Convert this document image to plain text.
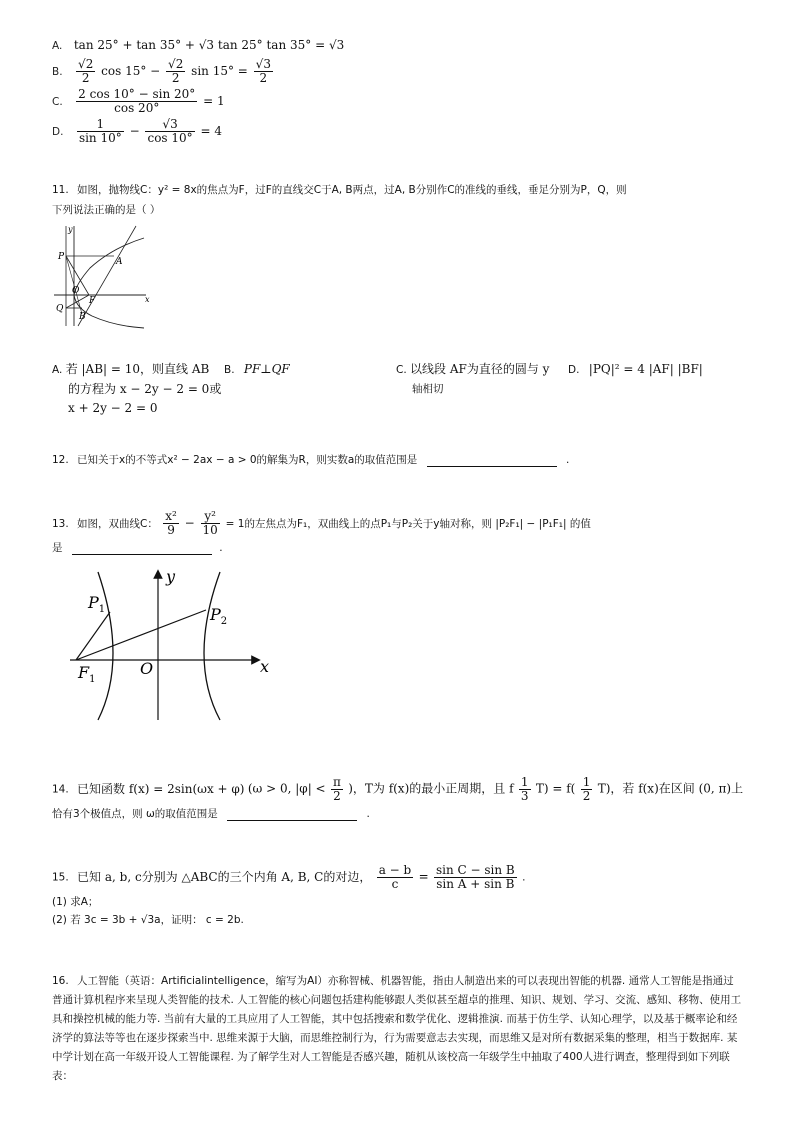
A. tan 25° + tan 35° + √3 tan 25° tan 35° = √3
B. $\frac{√2}{2}$ $\cos 15^\circ - \frac{√2}{2}$ $\sin 15^\circ = \frac{√3}{2}$
C. $\frac{2 \cos 10^\circ - \sin 20^\circ}{\cos 20^\circ} = 1$
D. $\frac{1}{\sin 10^\circ} - \frac{√3}{\cos 10^\circ} = 4$
11. 如图，抛物线C：y² = 8x的焦点为F，过F的直线交C于A, B两点，过A, B分别作C的准线的垂线，垂足分别为P，Q，则
下列说法正确的是（ ）
y
x
P	A
O
F
Q
B
A. 若 |AB| = 10，则直线 AB
的方程为 x − 2y − 2 = 0或
x + 2y − 2 = 0
B. PF⊥QF	C. 以线段 AF为直径的圆与 y
轴相切
D. |PQ|² = 4 |AF| |BF|
12. 已知关于x的不等式x² − 2ax − a > 0的解集为R，则实数a的取值范围是	.
13. 如图，双曲线C： $\frac{\text{x²}}{9} - \frac{\text{y²}}{10} = 1$的左焦点为F₁，双曲线上的点P₁与P₂关于y轴对称，则 |P₂F₁| − |P₁F₁| 的值
是	.
y
x
$P_1$	$P_2$
$F_1$
O
14. 已知函数 f(x) = 2sin(ωx + φ) (ω > 0, $|\varphi| < \frac{\pi}{2}$ )，T为 f(x)的最小正周期，且 f $\frac{1}{3} T) = f( \frac{1}{2} T)$，若 f(x)在区间 (0, π)上
恰有3个极值点，则 ω的取值范围是	.
15. 已知 a, b, c分别为 △ABC的三个内角 A, B, C的对边， $\frac{a - b}{c} = \frac{\text{sin C − sin B}}{\text{sin A + sin B}}$ .
(1) 求A；
(2) 若 3c = 3b + √3a，证明： c = 2b.
16. 人工智能（英语：Artificialintelligence，缩写为AI）亦称智械、机器智能，指由人制造出来的可以表现出智能的机器. 通常人工智能是指通过普通计算机程序来呈现人类智能的技术. 人工智能的核心问题包括建构能够跟人类似甚至超卓的推理、知识、规划、学习、交流、感知、移物、使用工具和操控机械的能力等. 当前有大量的工具应用了人工智能，其中包括搜索和数学优化、逻辑推演. 而基于仿生学、认知心理学，以及基于概率论和经济学的算法等等也在逐步探索当中. 思维来源于大脑，而思维控制行为，行为需要意志去实现，而思维又是对所有数据采集的整理，相当于数据库. 某中学计划在高一年级开设人工智能课程. 为了解学生对人工智能是否感兴趣，随机从该校高一年级学生中抽取了400人进行调查，整理得到如下列联表：
